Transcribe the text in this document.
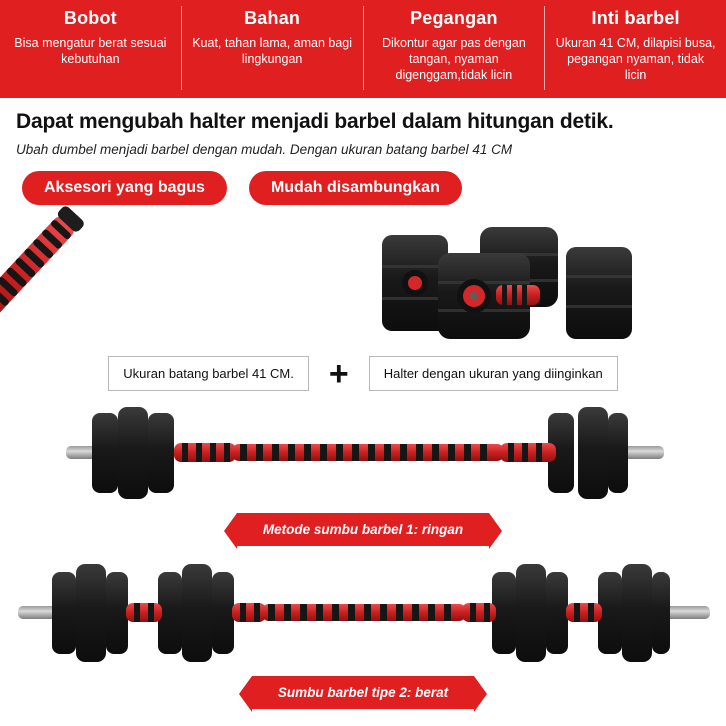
Bobot
Bisa mengatur berat sesuai kebutuhan
Bahan
Kuat, tahan lama, aman bagi lingkungan
Pegangan
Dikontur agar pas dengan tangan, nyaman digenggam,tidak licin
Inti barbel
Ukuran 41 CM, dilapisi busa, pegangan nyaman, tidak licin
Dapat mengubah halter menjadi barbel dalam hitungan detik.

Ubah dumbel menjadi barbel dengan mudah. Dengan ukuran batang barbel 41 CM

Aksesori yang bagus	Mudah disambungkan
Ukuran batang barbel 41 CM.	+	Halter dengan ukuran yang diinginkan
Metode sumbu barbel 1: ringan
Sumbu barbel tipe 2: berat
